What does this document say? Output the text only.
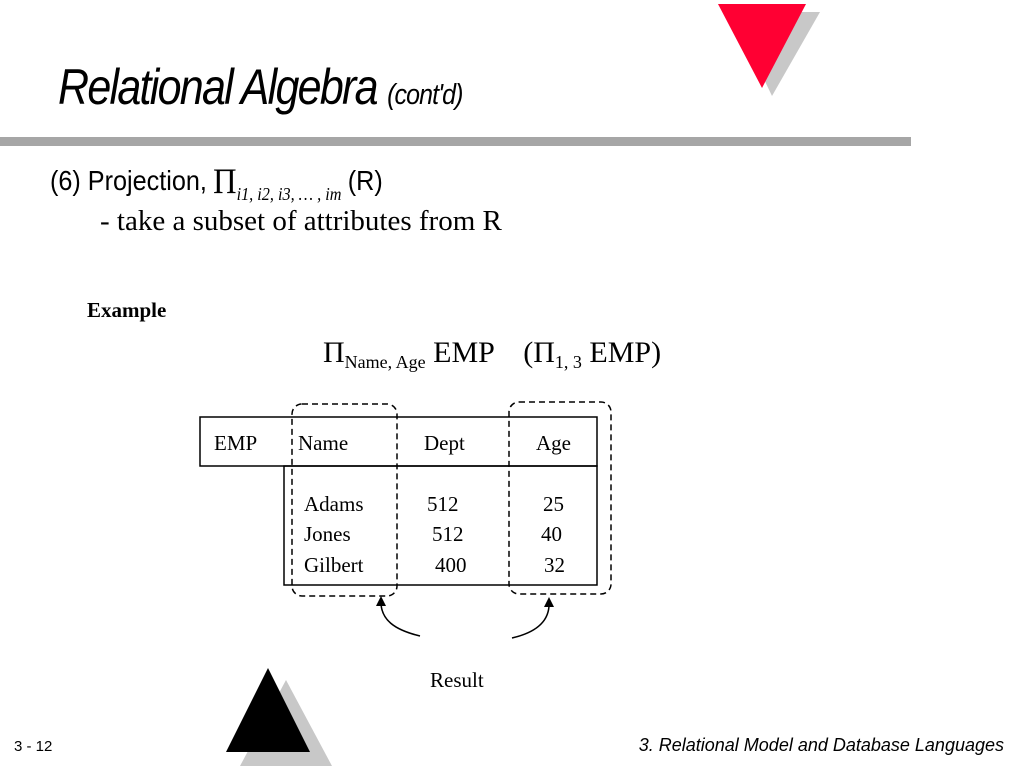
Relational Algebra (cont'd)
(6) Projection, $\Pi_{i1, i2, i3, \dots , im}$ (R)
- take a subset of attributes from R
Example
$\Pi_{Name, Age}$ EMP ($\Pi_{1, 3}$ EMP)
EMP Name	Dept	Age
Adams	512	25
Jones	512	40
Gilbert	400	32
Result
3 - 12	3. Relational Model and Database Languages
